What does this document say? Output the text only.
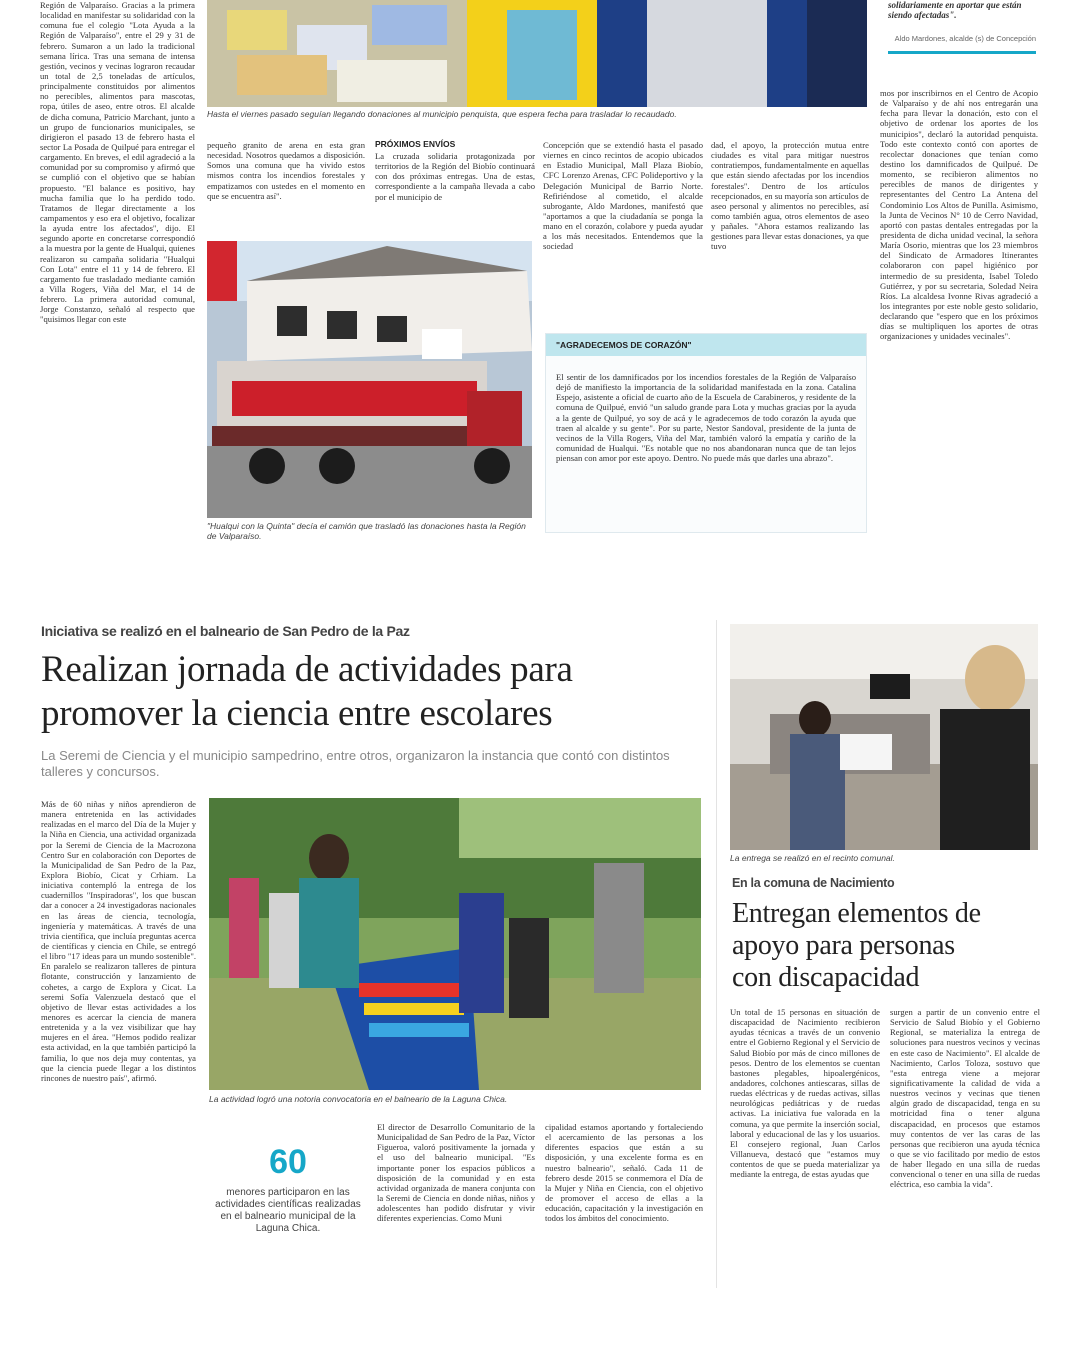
Región de Valparaíso. Gracias a la primera localidad en manifestar su solidaridad con la comuna fue el colegio "Lota Ayuda a la Región de Valparaíso", entre el 29 y 31 de febrero. Sumaron a un lado la tradicional semana lírica. Tras una semana de intensa gestión, vecinos y vecinas lograron recaudar un total de 2,5 toneladas de artículos, principalmente constituidos por alimentos no perecibles, alimentos para mascotas, ropa, útiles de aseo, entre otros. El alcalde de dicha comuna, Patricio Marchant, junto a un grupo de funcionarios municipales, se dirigieron el pasado 13 de febrero hasta el sector La Posada de Quilpué para entregar el cargamento. En breves, el edil agradeció a la comunidad por su compromiso y afirmó que se cumplió con el objetivo que se habían propuesto. "El balance es positivo, hay mucha familia que lo ha perdido todo. Tratamos de llegar directamente a los campamentos y eso era el objetivo, focalizar la ayuda entre los afectados", dijo. El segundo aporte en concretarse correspondió a la muestra por la gente de Hualqui, quienes realizaron su campaña solidaria "Hualqui Con Lota" entre el 11 y 14 de febrero. El cargamento fue trasladado mediante camión a Villa Rogers, Viña del Mar, el 14 de febrero. La primera autoridad comunal, Jorge Constanzo, señaló al respecto que "quisimos llegar con este
Hasta el viernes pasado seguían llegando donaciones al municipio penquista, que espera fecha para trasladar lo recaudado.
pequeño granito de arena en esta gran necesidad. Nosotros quedamos a disposición. Somos una comuna que ha vivido estos mismos contra los incendios forestales y empatizamos con ustedes en el momento en que se encuentra así".
PRÓXIMOS ENVÍOS
La cruzada solidaria protagonizada por territorios de la Región del Biobío continuará con dos próximas entregas. Una de estas, correspondiente a la campaña llevada a cabo por el municipio de
Concepción que se extendió hasta el pasado viernes en cinco recintos de acopio ubicados en Estadio Municipal, Mall Plaza Biobío, CFC Lorenzo Arenas, CFC Polideportivo y la Delegación Municipal de Barrio Norte. Refiriéndose al cometido, el alcalde subrogante, Aldo Mardones, manifestó que "aportamos a que la ciudadanía se ponga la mano en el corazón, colabore y pueda ayudar a los más necesitados. Entendemos que la sociedad
dad, el apoyo, la protección mutua entre ciudades es vital para mitigar nuestros contratiempos, fundamentalmente en aquellas que están siendo afectadas por los incendios forestales". Dentro de los artículos recepcionados, en su mayoría son artículos de aseo personal y alimentos no perecibles, así como también agua, otros elementos de aseo y pañales. "Ahora estamos realizando las gestiones para llevar estas donaciones, ya que tuvo
"Hualqui con la Quinta" decía el camión que trasladó las donaciones hasta la Región de Valparaíso.
"AGRADECEMOS DE CORAZÓN"
El sentir de los damnificados por los incendios forestales de la Región de Valparaíso dejó de manifiesto la importancia de la solidaridad manifestada en la zona. Catalina Espejo, asistente a oficial de cuarto año de la Escuela de Carabineros, y residente de la comuna de Quilpué, envió "un saludo grande para Lota y muchas gracias por la ayuda a la gente de Quilpué, yo soy de acá y le agradecemos de todo corazón la ayuda que traen al alcalde y su gente". Por su parte, Nestor Sandoval, presidente de la junta de vecinos de la Villa Rogers, Viña del Mar, también valoró la empatía y cariño de la comunidad de Hualqui. "Es notable que no nos abandonaran nunca que de tan lejos piensan con amor por este apoyo. Dentro. No puede más que darles una abrazo".
solidariamente en aportar que están siendo afectadas".
Aldo Mardones, alcalde (s) de Concepción
mos por inscribirnos en el Centro de Acopio de Valparaíso y de ahí nos entregarán una fecha para llevar la donación, esto con el objetivo de ordenar los aportes de los municipios", declaró la autoridad penquista. Todo este contexto contó con aportes de recolectar donaciones que tenían como destino los damnificados de Quilpué. De momento, se recibieron alimentos no perecibles de manos de dirigentes y representantes del Centro La Antena del Condominio Los Altos de Punilla. Asimismo, la Junta de Vecinos N° 10 de Cerro Navidad, aportó con pastas dentales entregadas por la presidenta de dicha unidad vecinal, la señora María Osorio, mientras que los 23 miembros del Sindicato de Armadores Itinerantes colaboraron con papel higiénico por intermedio de su presidenta, Isabel Toledo Gutiérrez, y por su secretaria, Soledad Neira Ríos. La alcaldesa Ivonne Rivas agradeció a los integrantes por este noble gesto solidario, declarando que "espero que en los próximos días se multipliquen los aportes de otras organizaciones y unidades vecinales".
Iniciativa se realizó en el balneario de San Pedro de la Paz
Realizan jornada de actividades para
promover la ciencia entre escolares
La Seremi de Ciencia y el municipio sampedrino, entre otros, organizaron la instancia que contó con distintos talleres y concursos.
Más de 60 niñas y niños aprendieron de manera entretenida en las actividades realizadas en el marco del Día de la Mujer y la Niña en Ciencia, una actividad organizada por la Seremi de Ciencia de la Macrozona Centro Sur en colaboración con Deportes de la Municipalidad de San Pedro de la Paz, Explora Biobío, Cicat y Crhiam. La iniciativa contempló la entrega de los cuadernillos "Inspiradoras", los que buscan dar a conocer a 24 investigadoras nacionales en las áreas de ciencia, tecnología, ingeniería y matemáticas. A través de una trivia científica, que incluía preguntas acerca de científicas y ciencia en Chile, se entregó el libro "17 ideas para un mundo sostenible". En paralelo se realizaron talleres de pintura flotante, construcción y lanzamiento de cohetes, a cargo de Explora y Cicat. La seremi Sofía Valenzuela destacó que el objetivo de llevar estas actividades a los menores es acercar la ciencia de manera entretenida y a la vez visibilizar que hay mujeres en el área. "Hemos podido realizar esta actividad, en la que también participó la familia, lo que nos deja muy contentas, ya que la ciencia puede llegar a los distintos rincones de nuestro país", afirmó.
La actividad logró una notoria convocatoria en el balneario de la Laguna Chica.
60
menores participaron en las actividades científicas realizadas en el balneario municipal de la Laguna Chica.
El director de Desarrollo Comunitario de la Municipalidad de San Pedro de la Paz, Víctor Figueroa, valoró positivamente la jornada y el uso del balneario municipal. "Es importante poner los espacios públicos a disposición de la comunidad y en esta actividad organizada de manera conjunta con la Seremi de Ciencia en donde niñas, niños y adolescentes han podido disfrutar y vivir diferentes experiencias. Como Muni
cipalidad estamos aportando y fortaleciendo el acercamiento de las personas a los diferentes espacios que están a su disposición, y una excelente forma es en nuestro balneario", señaló. Cada 11 de febrero desde 2015 se conmemora el Día de la Mujer y Niña en Ciencia, con el objetivo de promover el acceso de ellas a la educación, capacitación y la investigación en todos los ámbitos del conocimiento.
La entrega se realizó en el recinto comunal.
En la comuna de Nacimiento
Entregan elementos de
apoyo para personas
con discapacidad
Un total de 15 personas en situación de discapacidad de Nacimiento recibieron ayudas técnicas a través de un convenio entre el Gobierno Regional y el Servicio de Salud Biobío por más de cinco millones de pesos. Dentro de los elementos se cuentan bastones plegables, hipoalergénicos, andadores, colchones antiescaras, sillas de ruedas eléctricas y de ruedas activas, sillas neurológicas pediátricas y de ruedas activas. La iniciativa fue valorada en la comuna, ya que permite la inserción social, laboral y educacional de las y los usuarios. El consejero regional, Juan Carlos Villanueva, destacó que "estamos muy contentos de que se pueda materializar ya mediante la entrega, de estas ayudas que
surgen a partir de un convenio entre el Servicio de Salud Biobío y el Gobierno Regional, se materializa la entrega de soluciones para nuestros vecinos y vecinas en este caso de Nacimiento". El alcalde de Nacimiento, Carlos Toloza, sostuvo que "esta entrega viene a mejorar significativamente la calidad de vida a nuestros vecinos y vecinas que tienen algún grado de discapacidad, tenga en su motricidad fina o tener alguna discapacidad, en procesos que estamos muy contentos de ver las caras de las personas que recibieron una ayuda técnica o que se vio facilitado por medio de estos de haber llegado en una silla de ruedas convencional o tener en una silla de ruedas eléctrica, eso cambia la vida".
